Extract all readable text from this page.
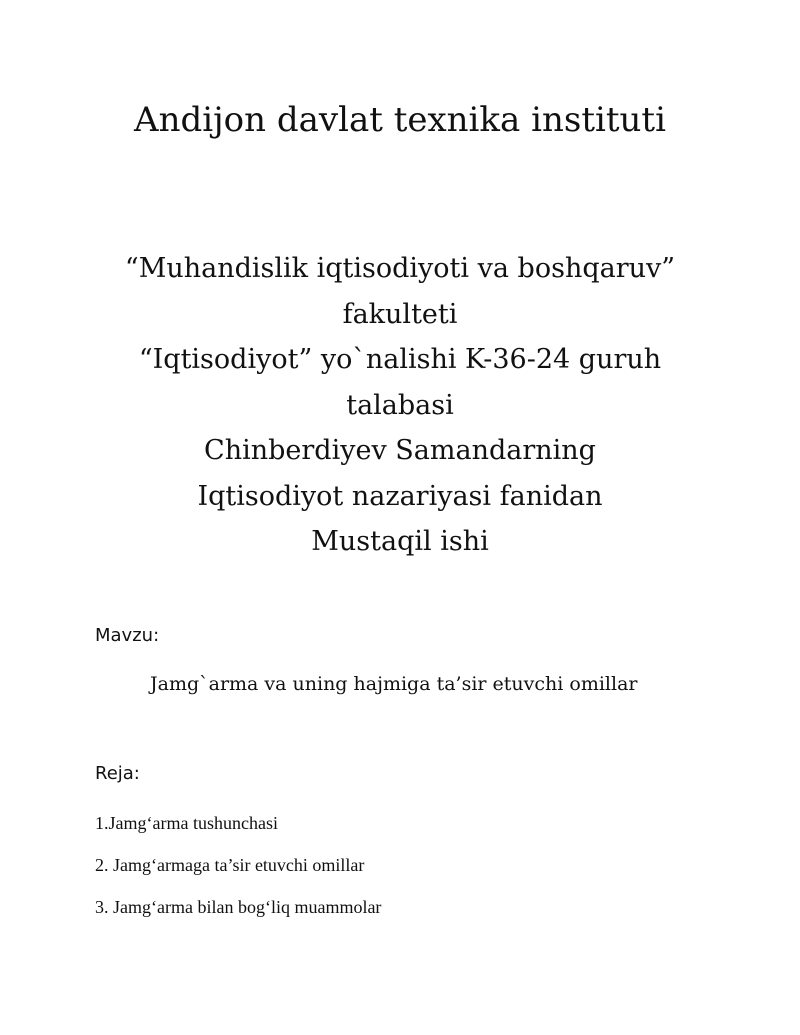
Andijon davlat texnika instituti
“Muhandislik iqtisodiyoti va boshqaruv”
fakulteti
“Iqtisodiyot” yo`nalishi K-36-24 guruh
talabasi
Chinberdiyev Samandarning
Iqtisodiyot nazariyasi fanidan
Mustaqil ishi
Mavzu:
Jamg`arma va uning hajmiga ta’sir etuvchi omillar
Reja:
1.Jamg‘arma tushunchasi
2. Jamg‘armaga ta’sir etuvchi omillar
3. Jamg‘arma bilan bog‘liq muammolar
